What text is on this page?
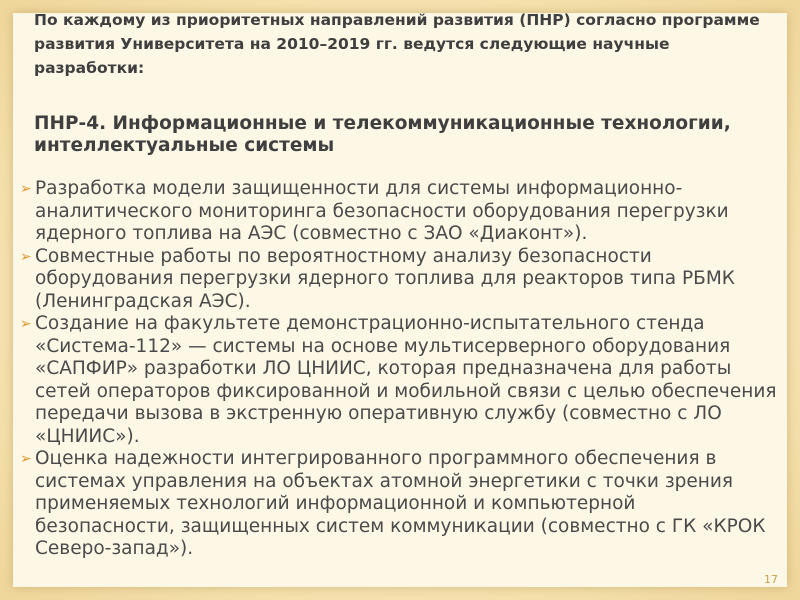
По каждому из приоритетных направлений развития (ПНР) согласно программе развития Университета на 2010–2019 гг. ведутся следующие научные разработки:
ПНР-4. Информационные и телекоммуникационные технологии, интеллектуальные системы
➢ Разработка модели защищенности для системы информационно-аналитического мониторинга безопасности оборудования перегрузки ядерного топлива на АЭС (совместно с ЗАО «Диаконт»).
➢ Совместные работы по вероятностному анализу безопасности оборудования перегрузки ядерного топлива для реакторов типа РБМК (Ленинградская АЭС).
➢ Создание на факультете демонстрационно-испытательного стенда «Система-112» — системы на основе мультисерверного оборудования «САПФИР» разработки ЛО ЦНИИС, которая предназначена для работы сетей операторов фиксированной и мобильной связи с целью обеспечения передачи вызова в экстренную оперативную службу (совместно с ЛО «ЦНИИС»).
➢ Оценка надежности интегрированного программного обеспечения в системах управления на объектах атомной энергетики с точки зрения применяемых технологий информационной и компьютерной безопасности, защищенных систем коммуникации (совместно с ГК «КРОК Северо-запад»).
17
